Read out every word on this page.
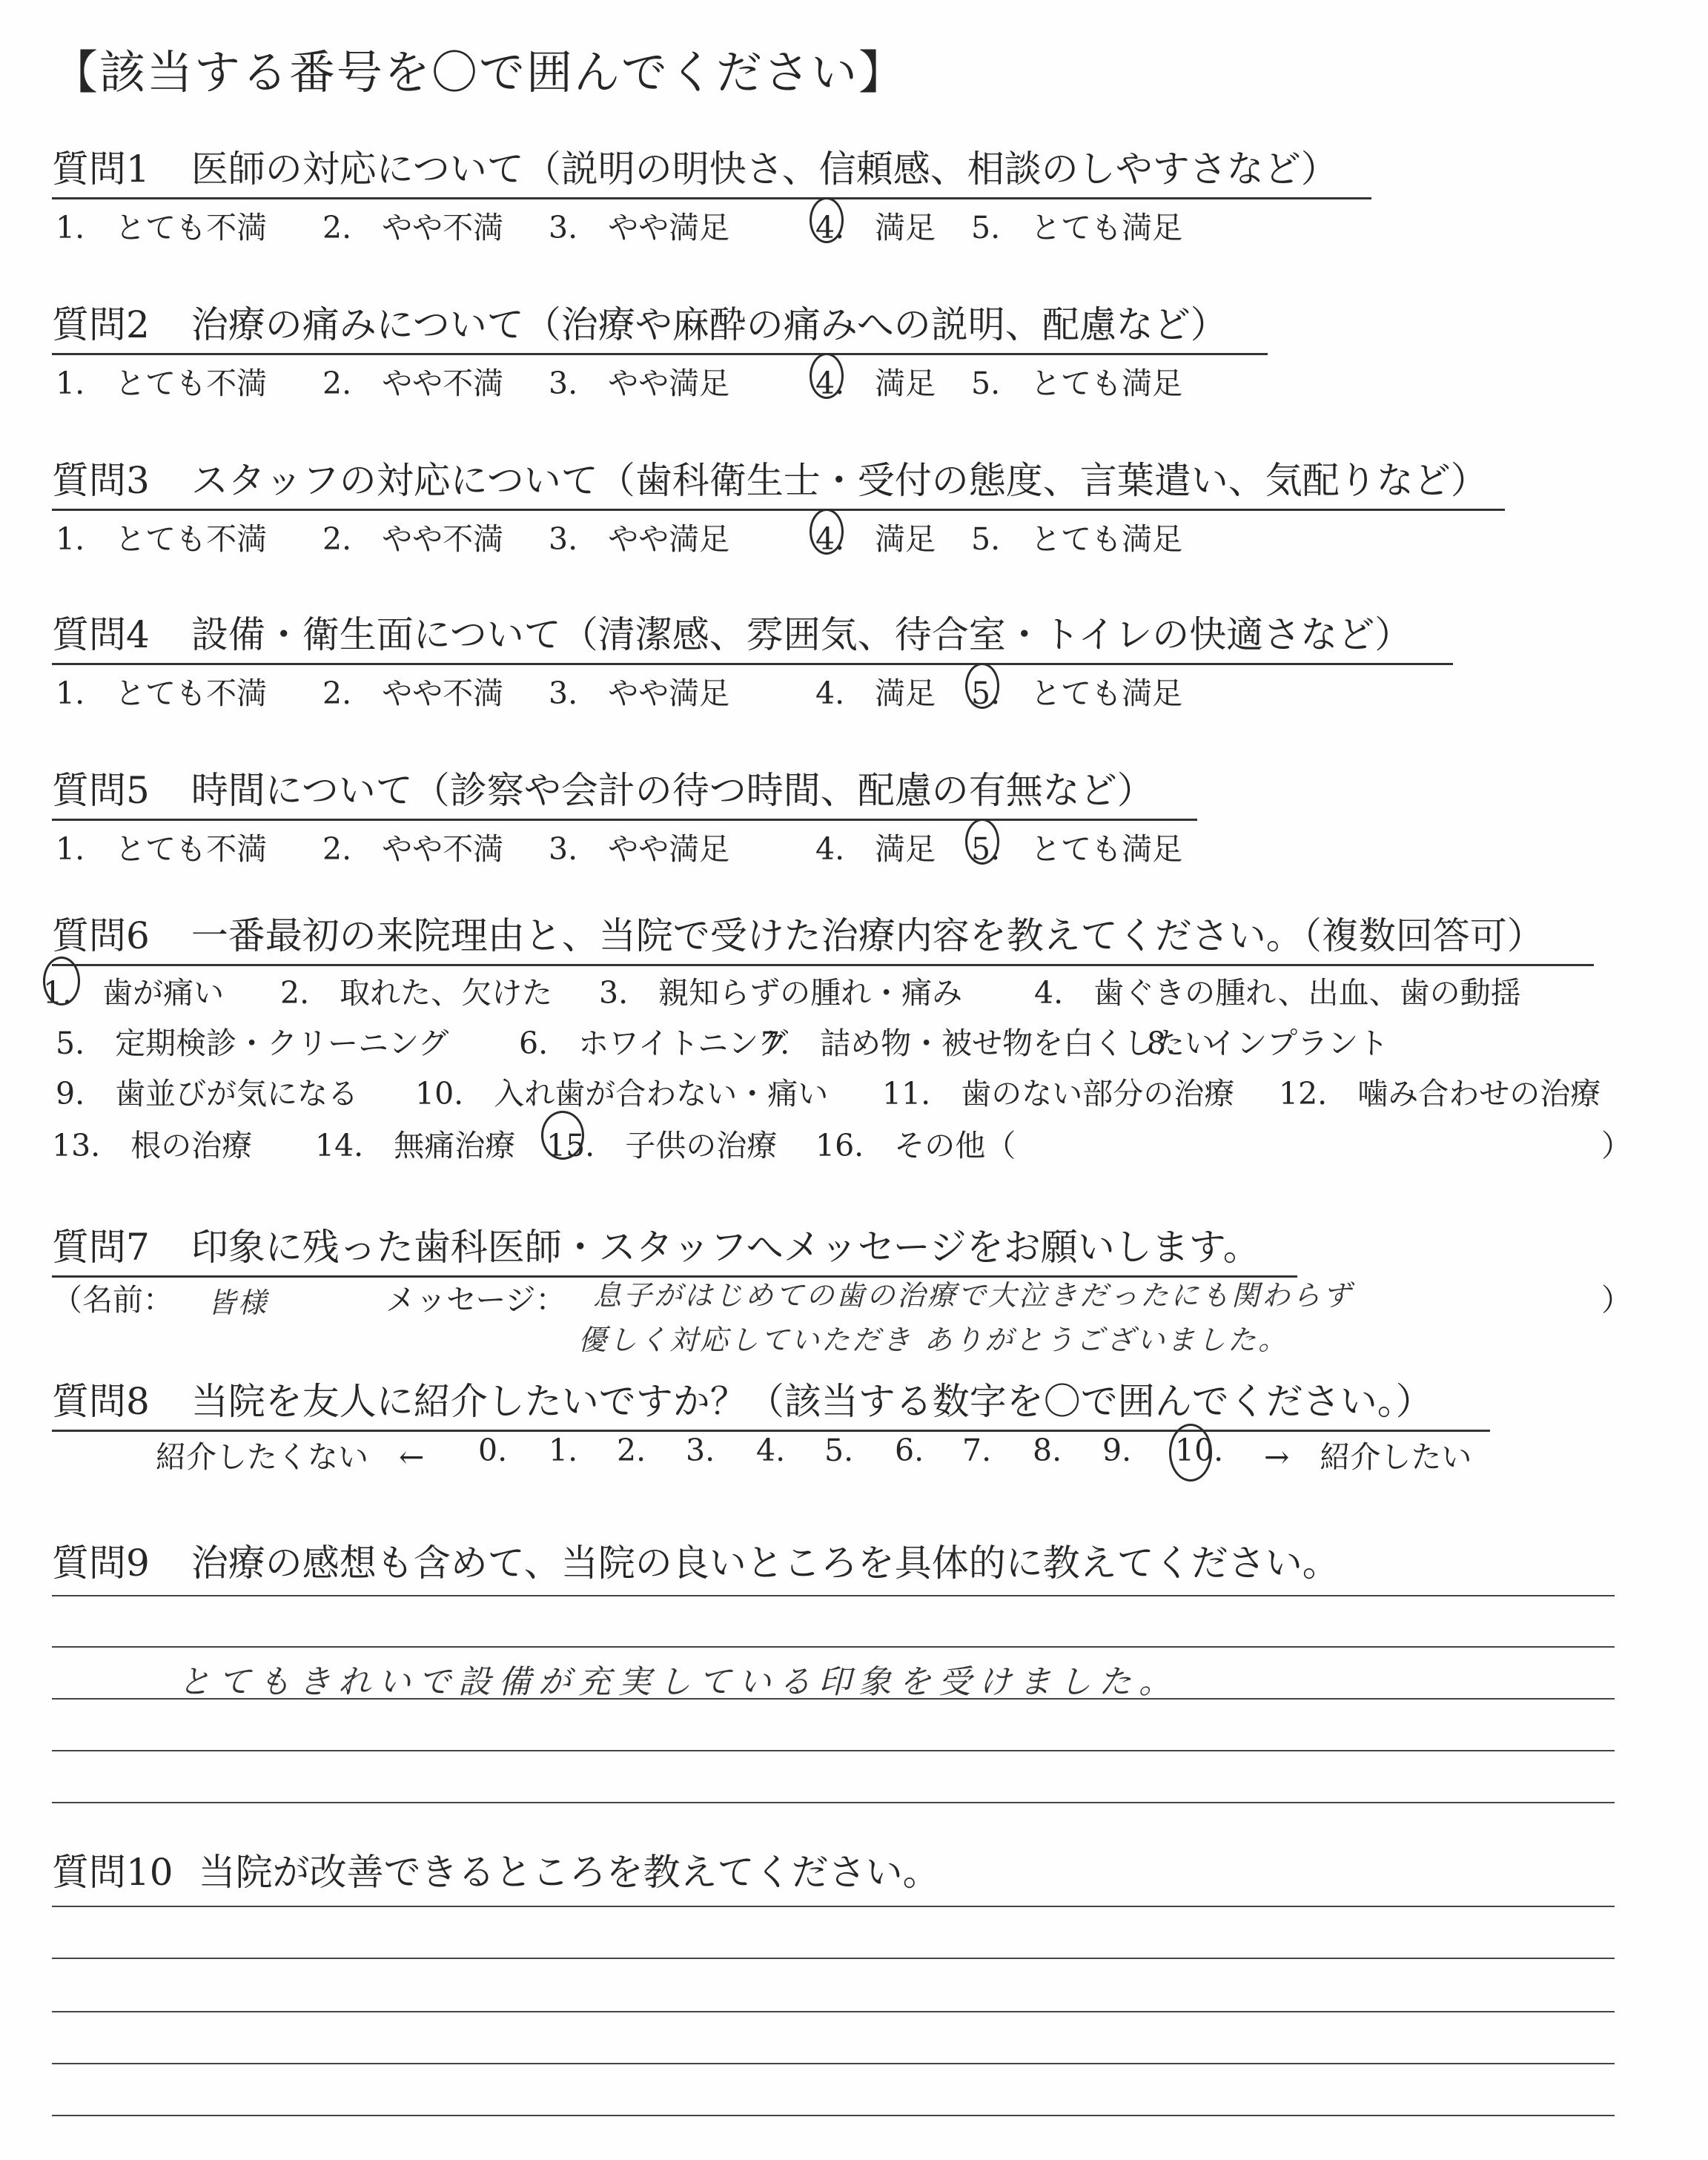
【該当する番号を〇で囲んでください】
質問6 一番最初の来院理由と、当院で受けた治療内容を教えてください。（複数回答可）
）
質問7 印象に残った歯科医師・スタッフへメッセージをお願いします。
（名前： 皆様	メッセージ： 息子がはじめての歯の治療で大泣きだったにも関わらず
優しく対応していただき ありがとうございました。
）
質問8 当院を友人に紹介したいですか？（該当する数字を〇で囲んでください。）
紹介したくない　←	→　紹介したい
質問9 治療の感想も含めて、当院の良いところを具体的に教えてください。
とてもきれいで設備が充実している印象を受けました。
質問10 当院が改善できるところを教えてください。
質問1 医師の対応について（説明の明快さ、信頼感、相談のしやすさなど）
1.　とても不満 2.　やや不満 3.　やや満足	4.　満足 5.　とても満足
質問2 治療の痛みについて（治療や麻酔の痛みへの説明、配慮など）
1.　とても不満 2.　やや不満 3.　やや満足	4.　満足 5.　とても満足
質問3 スタッフの対応について（歯科衛生士・受付の態度、言葉遣い、気配りなど）
1.　とても不満 2.　やや不満 3.　やや満足	4.　満足 5.　とても満足
質問4 設備・衛生面について（清潔感、雰囲気、待合室・トイレの快適さなど）
1.　とても不満 2.　やや不満 3.　やや満足	4.　満足 5.　とても満足
質問5 時間について（診察や会計の待つ時間、配慮の有無など）
1.　とても不満 2.　やや不満 3.　やや満足	4.　満足 5.　とても満足
1.　歯が痛い 2.　取れた、欠けた 3.　親知らずの腫れ・痛み 4.　歯ぐきの腫れ、出血、歯の動揺
5.　定期検診・クリーニング 6.　ホワイトニング
7.　詰め物・被せ物を白くしたい
8.　インプラント
9.　歯並びが気になる 10.　入れ歯が合わない・痛い 11.　歯のない部分の治療 12.　噛み合わせの治療
13.　根の治療 14.　無痛治療 15.　子供の治療 16.　その他（
0. 1. 2. 3. 4. 5. 6. 7. 8. 9. 10.
